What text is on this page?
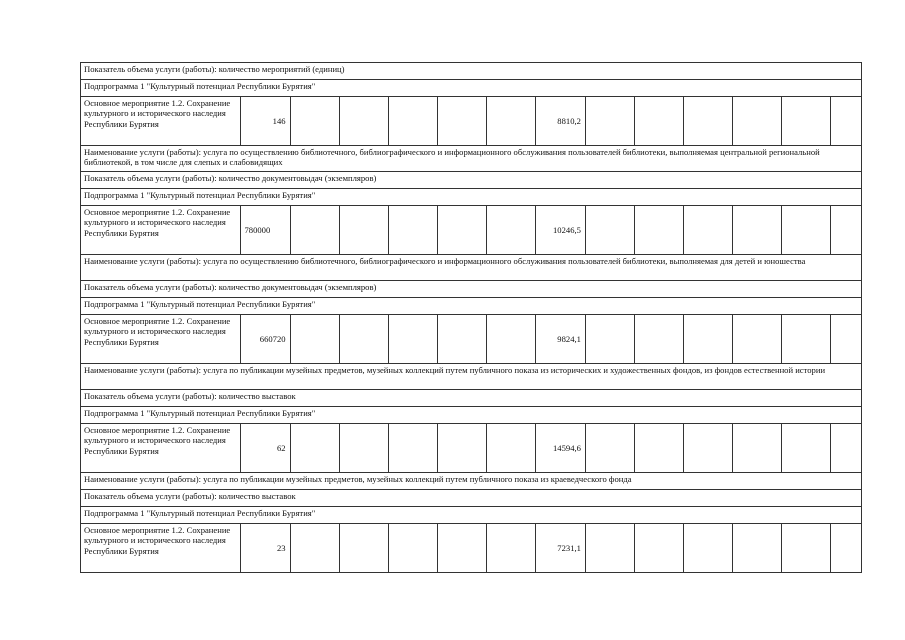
Показатель объема услуги (работы): количество мероприятий (единиц)													
Подпрограмма 1 "Культурный потенциал Республики Бурятия"													
Основное мероприятие 1.2. Сохранение культурного и исторического наследия Республики Бурятия	146						8810,2						
Наименование услуги (работы): услуга по осуществлению библиотечного, библиографического и информационного обслуживания пользователей библиотеки, выполняемая центральной региональной библиотекой, в том числе для слепых и слабовидящих													
Показатель объема услуги (работы): количество документовыдач (экземпляров)													
Подпрограмма 1 "Культурный потенциал Республики Бурятия"													
Основное мероприятие 1.2. Сохранение культурного и исторического наследия Республики Бурятия	780000						10246,5						
Наименование услуги (работы): услуга по осуществлению библиотечного, библиографического и информационного обслуживания пользователей библиотеки, выполняемая для детей и юношества													
Показатель объема услуги (работы): количество документовыдач (экземпляров)													
Подпрограмма 1 "Культурный потенциал Республики Бурятия"													
Основное мероприятие 1.2. Сохранение культурного и исторического наследия Республики Бурятия	660720						9824,1						
Наименование услуги (работы): услуга по публикации музейных предметов, музейных коллекций путем публичного показа из исторических и художественных фондов, из фондов естественной истории													
Показатель объема услуги (работы): количество выставок													
Подпрограмма 1 "Культурный потенциал Республики Бурятия"													
Основное мероприятие 1.2. Сохранение культурного и исторического наследия Республики Бурятия	62						14594,6						
Наименование услуги (работы): услуга по публикации музейных предметов, музейных коллекций путем публичного показа из краеведческого фонда													
Показатель объема услуги (работы): количество выставок													
Подпрограмма 1 "Культурный потенциал Республики Бурятия"													
Основное мероприятие 1.2. Сохранение культурного и исторического наследия Республики Бурятия	23						7231,1						
